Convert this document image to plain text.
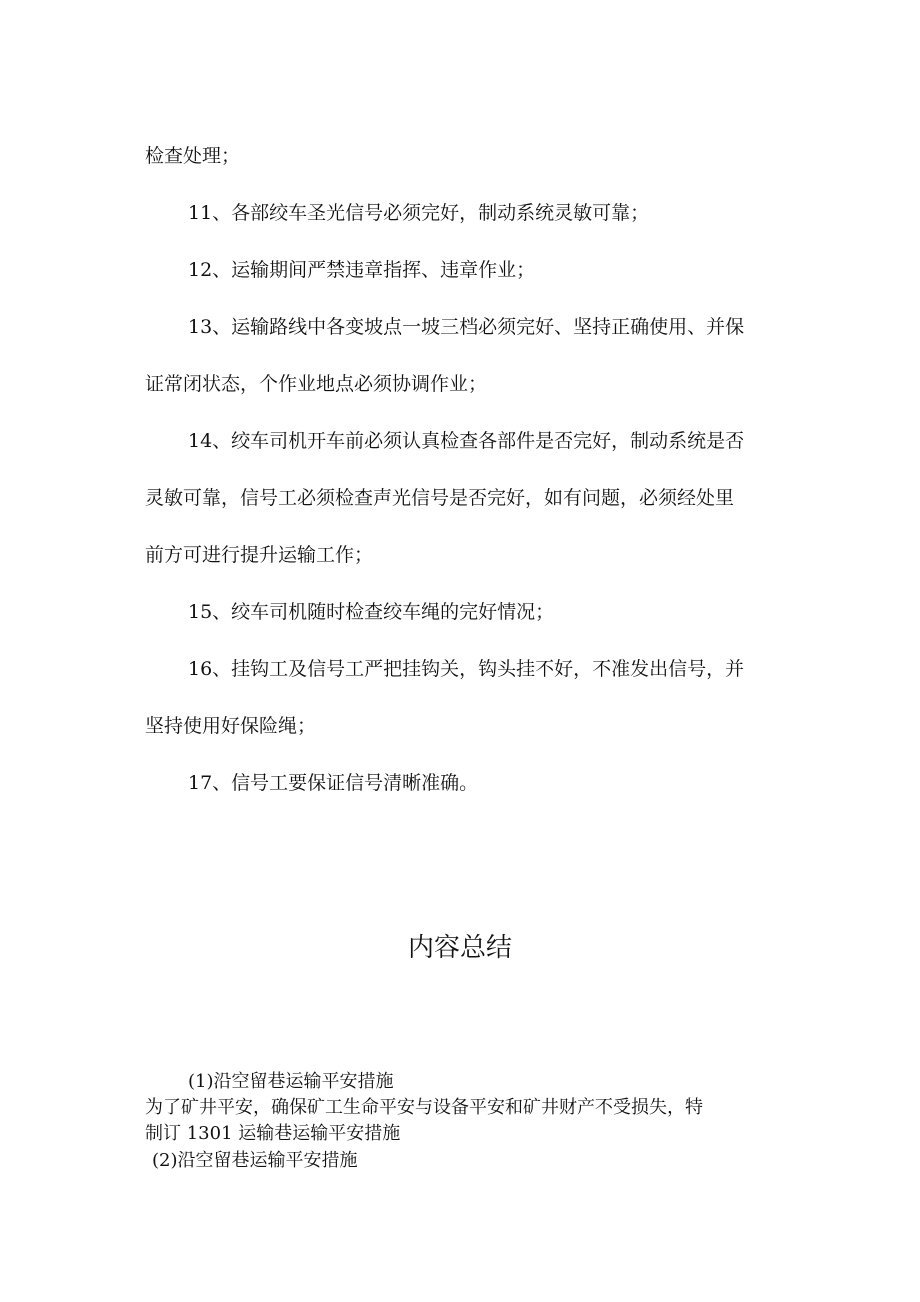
检查处理；
11、各部绞车圣光信号必须完好，制动系统灵敏可靠；
12、运输期间严禁违章指挥、违章作业；
13、运输路线中各变坡点一坡三档必须完好、坚持正确使用、并保
证常闭状态，个作业地点必须协调作业；
14、绞车司机开车前必须认真检查各部件是否完好，制动系统是否
灵敏可靠，信号工必须检查声光信号是否完好，如有问题，必须经处里
前方可进行提升运输工作；
15、绞车司机随时检查绞车绳的完好情况；
16、挂钩工及信号工严把挂钩关，钩头挂不好，不准发出信号，并
坚持使用好保险绳；
17、信号工要保证信号清晰准确。
内容总结
(1)沿空留巷运输平安措施
为了矿井平安，确保矿工生命平安与设备平安和矿井财产不受损失，特
制订 1301 运输巷运输平安措施
(2)沿空留巷运输平安措施
